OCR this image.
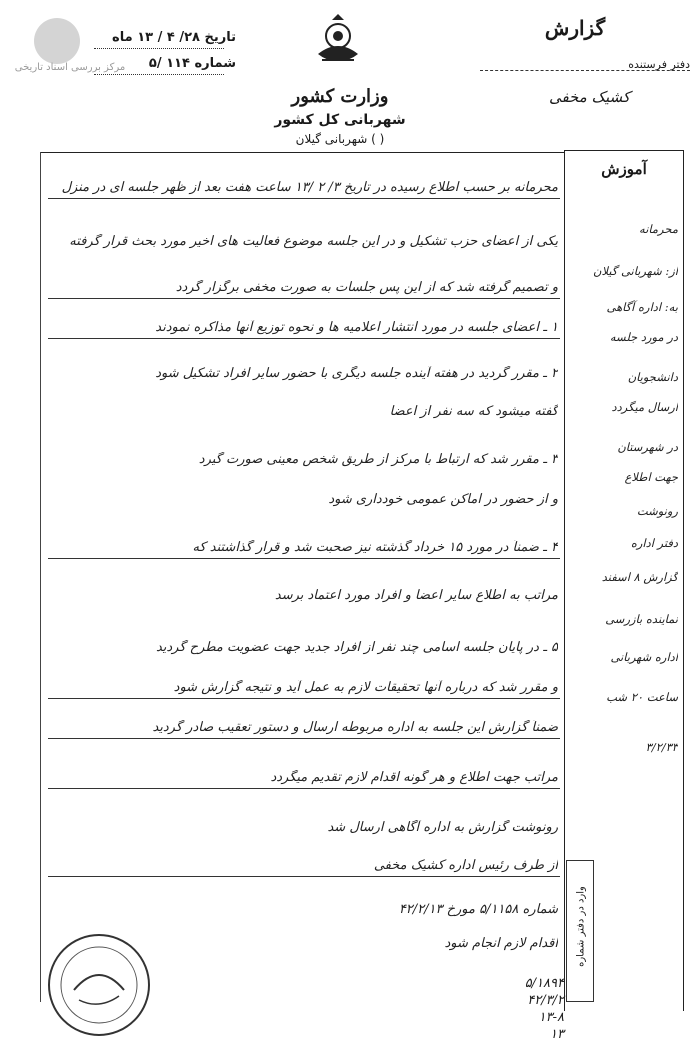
مرکز بررسی اسناد تاریخی
تاریخ ۲۸/ ۴ / ۱۳ ماه
شماره ۱۱۴ /۵
وزارت کشور
شهربانی کل کشور
شهربانی گیلان ( )
گزارش
دفتر فرستنده
کشیک مخفی
آموزش
محرمانه بر حسب اطلاع رسیده در تاریخ ۳/ ۲ /۱۳ ساعت هفت بعد از ظهر جلسه ای در منزل
یکی از اعضای حزب تشکیل و در این جلسه موضوع فعالیت های اخیر مورد بحث قرار گرفته
و تصمیم گرفته شد که از این پس جلسات به صورت مخفی برگزار گردد
۱ ـ اعضای جلسه در مورد انتشار اعلامیه ها و نحوه توزیع آنها مذاکره نمودند
۲ ـ مقرر گردید در هفته آینده جلسه دیگری با حضور سایر افراد تشکیل شود
گفته میشود که سه نفر از اعضا
۳ ـ مقرر شد که ارتباط با مرکز از طریق شخص معینی صورت گیرد
و از حضور در اماکن عمومی خودداری شود
۴ ـ ضمناً در مورد ۱۵ خرداد گذشته نیز صحبت شد و قرار گذاشتند که
مراتب به اطلاع سایر اعضا و افراد مورد اعتماد برسد
۵ ـ در پایان جلسه اسامی چند نفر از افراد جدید جهت عضویت مطرح گردید
و مقرر شد که درباره آنها تحقیقات لازم به عمل آید و نتیجه گزارش شود
ضمناً گزارش این جلسه به اداره مربوطه ارسال و دستور تعقیب صادر گردید
مراتب جهت اطلاع و هر گونه اقدام لازم تقدیم میگردد
رونوشت گزارش به اداره آگاهی ارسال شد
از طرف رئیس اداره کشیک مخفی
شماره ۵/۱۱۵۸ مورخ ۴۲/۲/۱۳
اقدام لازم انجام شود
محرمانه
از: شهربانی گیلان
به: اداره آگاهی
در مورد جلسه
دانشجویان
ارسال میگردد
در شهرستان
جهت اطلاع
رونوشت
دفتر اداره
گزارش ۸ اسفند
نماینده بازرسی
اداره شهربانی
ساعت ۲۰ شب
۳/۲/۳۳
وارد در دفتر شماره
۵/۱۸۹۴
۴۲/۳/۲
۱۳-۸
۱۳
